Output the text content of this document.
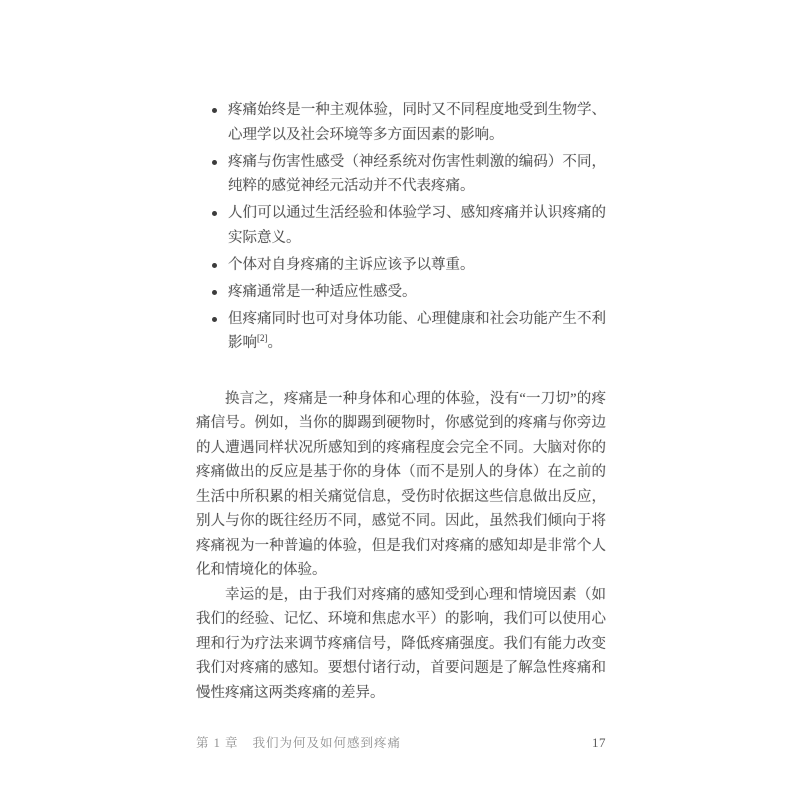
疼痛始终是一种主观体验，同时又不同程度地受到生物学、心理学以及社会环境等多方面因素的影响。
疼痛与伤害性感受（神经系统对伤害性刺激的编码）不同，纯粹的感觉神经元活动并不代表疼痛。
人们可以通过生活经验和体验学习、感知疼痛并认识疼痛的实际意义。
个体对自身疼痛的主诉应该予以尊重。
疼痛通常是一种适应性感受。
但疼痛同时也可对身体功能、心理健康和社会功能产生不利影响[2]。

换言之，疼痛是一种身体和心理的体验，没有“一刀切”的疼痛信号。例如，当你的脚踢到硬物时，你感觉到的疼痛与你旁边的人遭遇同样状况所感知到的疼痛程度会完全不同。大脑对你的疼痛做出的反应是基于你的身体（而不是别人的身体）在之前的生活中所积累的相关痛觉信息，受伤时依据这些信息做出反应，别人与你的既往经历不同，感觉不同。因此，虽然我们倾向于将疼痛视为一种普遍的体验，但是我们对疼痛的感知却是非常个人化和情境化的体验。

幸运的是，由于我们对疼痛的感知受到心理和情境因素（如我们的经验、记忆、环境和焦虑水平）的影响，我们可以使用心理和行为疗法来调节疼痛信号，降低疼痛强度。我们有能力改变我们对疼痛的感知。要想付诸行动，首要问题是了解急性疼痛和慢性疼痛这两类疼痛的差异。

第 1 章 我们为何及如何感到疼痛	17
